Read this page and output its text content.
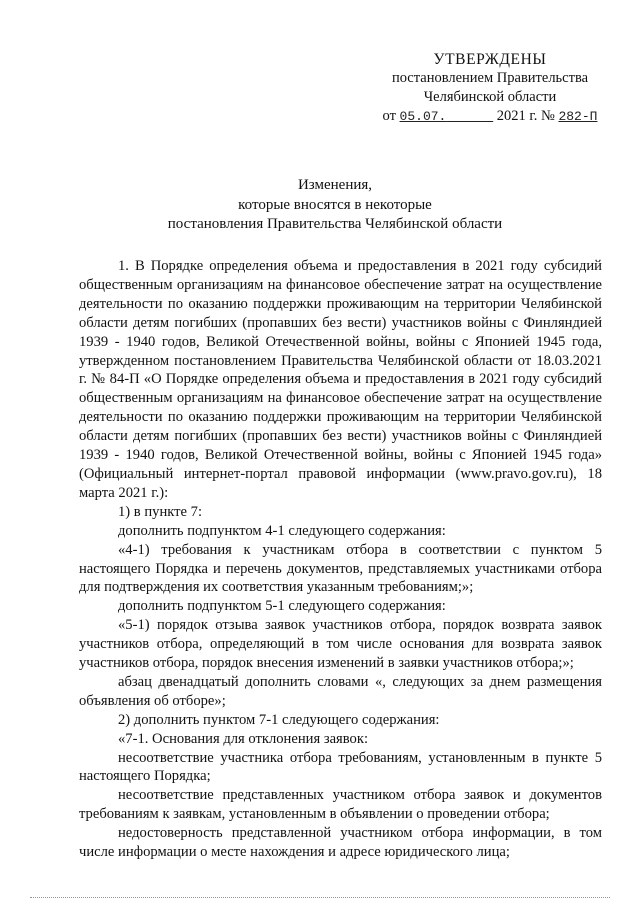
УТВЕРЖДЕНЫ
постановлением Правительства
Челябинской области
от 05.07.	2021 г. № 282-П
Изменения,
которые вносятся в некоторые
постановления Правительства Челябинской области

1. В Порядке определения объема и предоставления в 2021 году субсидий общественным организациям на финансовое обеспечение затрат на осуществление деятельности по оказанию поддержки проживающим на территории Челябинской области детям погибших (пропавших без вести) участников войны с Финляндией 1939 - 1940 годов, Великой Отечественной войны, войны с Японией 1945 года, утвержденном постановлением Правительства Челябинской области от 18.03.2021 г. № 84-П «О Порядке определения объема и предоставления в 2021 году субсидий общественным организациям на финансовое обеспечение затрат на осуществление деятельности по оказанию поддержки проживающим на территории Челябинской области детям погибших (пропавших без вести) участников войны с Финляндией 1939 - 1940 годов, Великой Отечественной войны, войны с Японией 1945 года» (Официальный интернет-портал правовой информации (www.pravo.gov.ru), 18 марта 2021 г.):

1) в пункте 7:

дополнить подпунктом 4-1 следующего содержания:

«4-1) требования к участникам отбора в соответствии с пунктом 5 настоящего Порядка и перечень документов, представляемых участниками отбора для подтверждения их соответствия указанным требованиям;»;

дополнить подпунктом 5-1 следующего содержания:

«5-1) порядок отзыва заявок участников отбора, порядок возврата заявок участников отбора, определяющий в том числе основания для возврата заявок участников отбора, порядок внесения изменений в заявки участников отбора;»;

абзац двенадцатый дополнить словами «, следующих за днем размещения объявления об отборе»;

2) дополнить пунктом 7-1 следующего содержания:

«7-1. Основания для отклонения заявок:

несоответствие участника отбора требованиям, установленным в пункте 5 настоящего Порядка;

несоответствие представленных участником отбора заявок и документов требованиям к заявкам, установленным в объявлении о проведении отбора;

недостоверность представленной участником отбора информации, в том числе информации о месте нахождения и адресе юридического лица;
